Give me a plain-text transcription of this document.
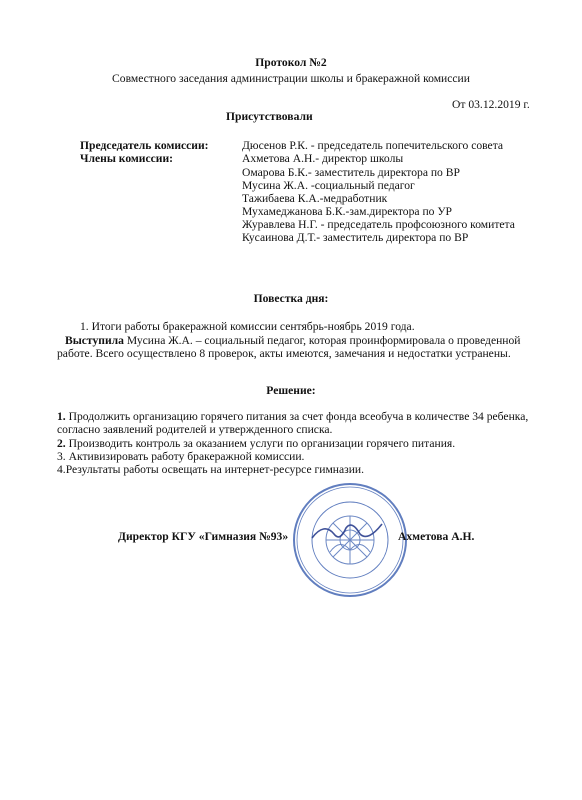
Протокол №2
Совместного заседания администрации школы и бракеражной комиссии
От 03.12.2019 г.
Присутствовали
Председатель комиссии:
Члены комиссии:
Дюсенов Р.К. - председатель попечительского совета
Ахметова А.Н.- директор школы
Омарова Б.К.- заместитель директора по ВР
Мусина Ж.А. -социальный педагог
Тажибаева К.А.-медработник
Мухамеджанова Б.К.-зам.директора по УР
Журавлева Н.Г. - председатель профсоюзного комитета
Кусаинова Д.Т.- заместитель директора по ВР
Повестка дня:
1. Итоги работы бракеражной комиссии сентябрь-ноябрь 2019 года.
Выступила Мусина Ж.А. – социальный педагог, которая проинформировала о проведенной
работе. Всего осуществлено 8 проверок, акты имеются, замечания и недостатки устранены.
Решение:
1. Продолжить организацию горячего питания за счет фонда всеобуча в количестве 34 ребенка,
согласно заявлений родителей и утвержденного списка.
2. Производить контроль за оказанием услуги по организации горячего питания.
3. Активизировать работу бракеражной комиссии.
4.Результаты работы освещать на интернет-ресурсе гимназии.
Директор КГУ «Гимназия №93»	Ахметова А.Н.
